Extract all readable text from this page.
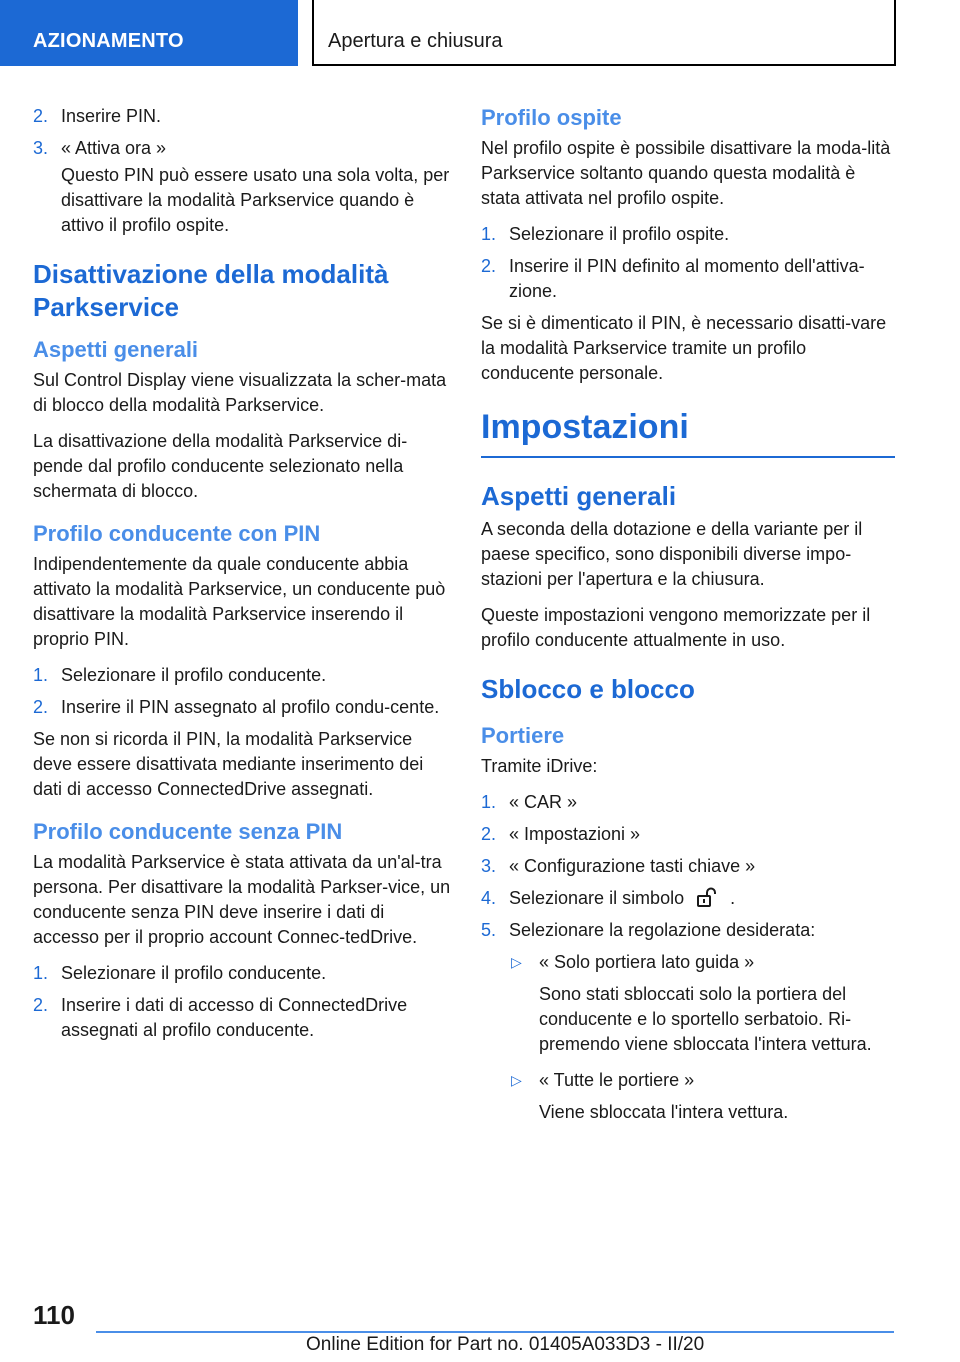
AZIONAMENTO	Apertura e chiusura
2. Inserire PIN.
3. « Attiva ora »

Questo PIN può essere usato una sola volta, per disattivare la modalità Parkservice quando è attivo il profilo ospite.

Disattivazione della modalità Parkservice
Aspetti generali

Sul Control Display viene visualizzata la scher-mata di blocco della modalità Parkservice.

La disattivazione della modalità Parkservice di-pende dal profilo conducente selezionato nella schermata di blocco.

Profilo conducente con PIN

Indipendentemente da quale conducente abbia attivato la modalità Parkservice, un conducente può disattivare la modalità Parkservice inserendo il proprio PIN.

1. Selezionare il profilo conducente.
2. Inserire il PIN assegnato al profilo condu-cente.

Se non si ricorda il PIN, la modalità Parkservice deve essere disattivata mediante inserimento dei dati di accesso ConnectedDrive assegnati.

Profilo conducente senza PIN

La modalità Parkservice è stata attivata da un'al-tra persona. Per disattivare la modalità Parkser-vice, un conducente senza PIN deve inserire i dati di accesso per il proprio account Connec-tedDrive.

1. Selezionare il profilo conducente.
2. Inserire i dati di accesso di ConnectedDrive assegnati al profilo conducente.
Profilo ospite

Nel profilo ospite è possibile disattivare la moda-lità Parkservice soltanto quando questa modalità è stata attivata nel profilo ospite.

1. Selezionare il profilo ospite.
2. Inserire il PIN definito al momento dell'attiva-zione.

Se si è dimenticato il PIN, è necessario disatti-vare la modalità Parkservice tramite un profilo conducente personale.

Impostazioni
Aspetti generali

A seconda della dotazione e della variante per il paese specifico, sono disponibili diverse impo-stazioni per l'apertura e la chiusura.

Queste impostazioni vengono memorizzate per il profilo conducente attualmente in uso.

Sblocco e blocco
Portiere

Tramite iDrive:

1. « CAR »
2. « Impostazioni »
3. « Configurazione tasti chiave »
4. Selezionare il simbolo	.
5. Selezionare la regolazione desiderata:
▷ « Solo portiera lato guida »

Sono stati sbloccati solo la portiera del conducente e lo sportello serbatoio. Ri-premendo viene sbloccata l'intera vettura.

▷ « Tutte le portiere »

Viene sbloccata l'intera vettura.

110
Online Edition for Part no. 01405A033D3 - II/20
